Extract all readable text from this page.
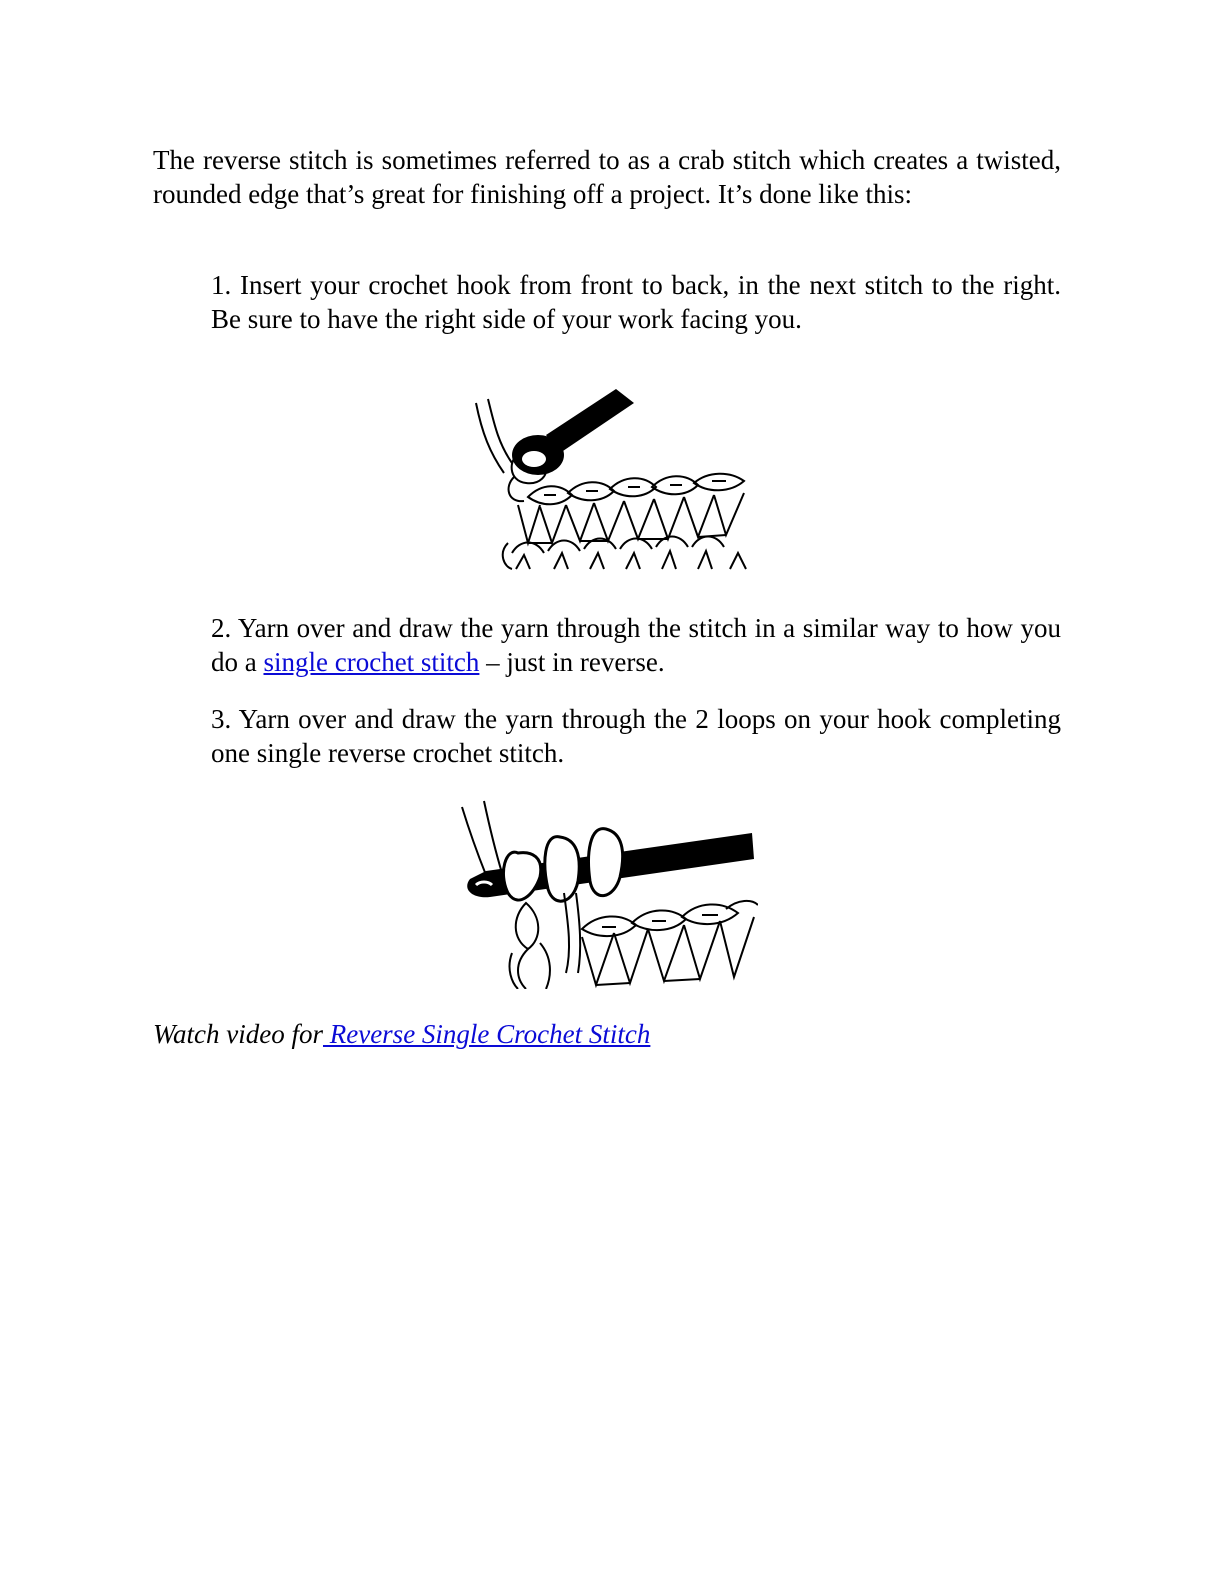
The reverse stitch is sometimes referred to as a crab stitch which creates a twisted, rounded edge that’s great for finishing off a project. It’s done like this:

1. Insert your crochet hook from front to back, in the next stitch to the right. Be sure to have the right side of your work facing you.

2. Yarn over and draw the yarn through the stitch in a similar way to how you do a single crochet stitch – just in reverse.

3. Yarn over and draw the yarn through the 2 loops on your hook completing one single reverse crochet stitch.

Watch video for Reverse Single Crochet Stitch
